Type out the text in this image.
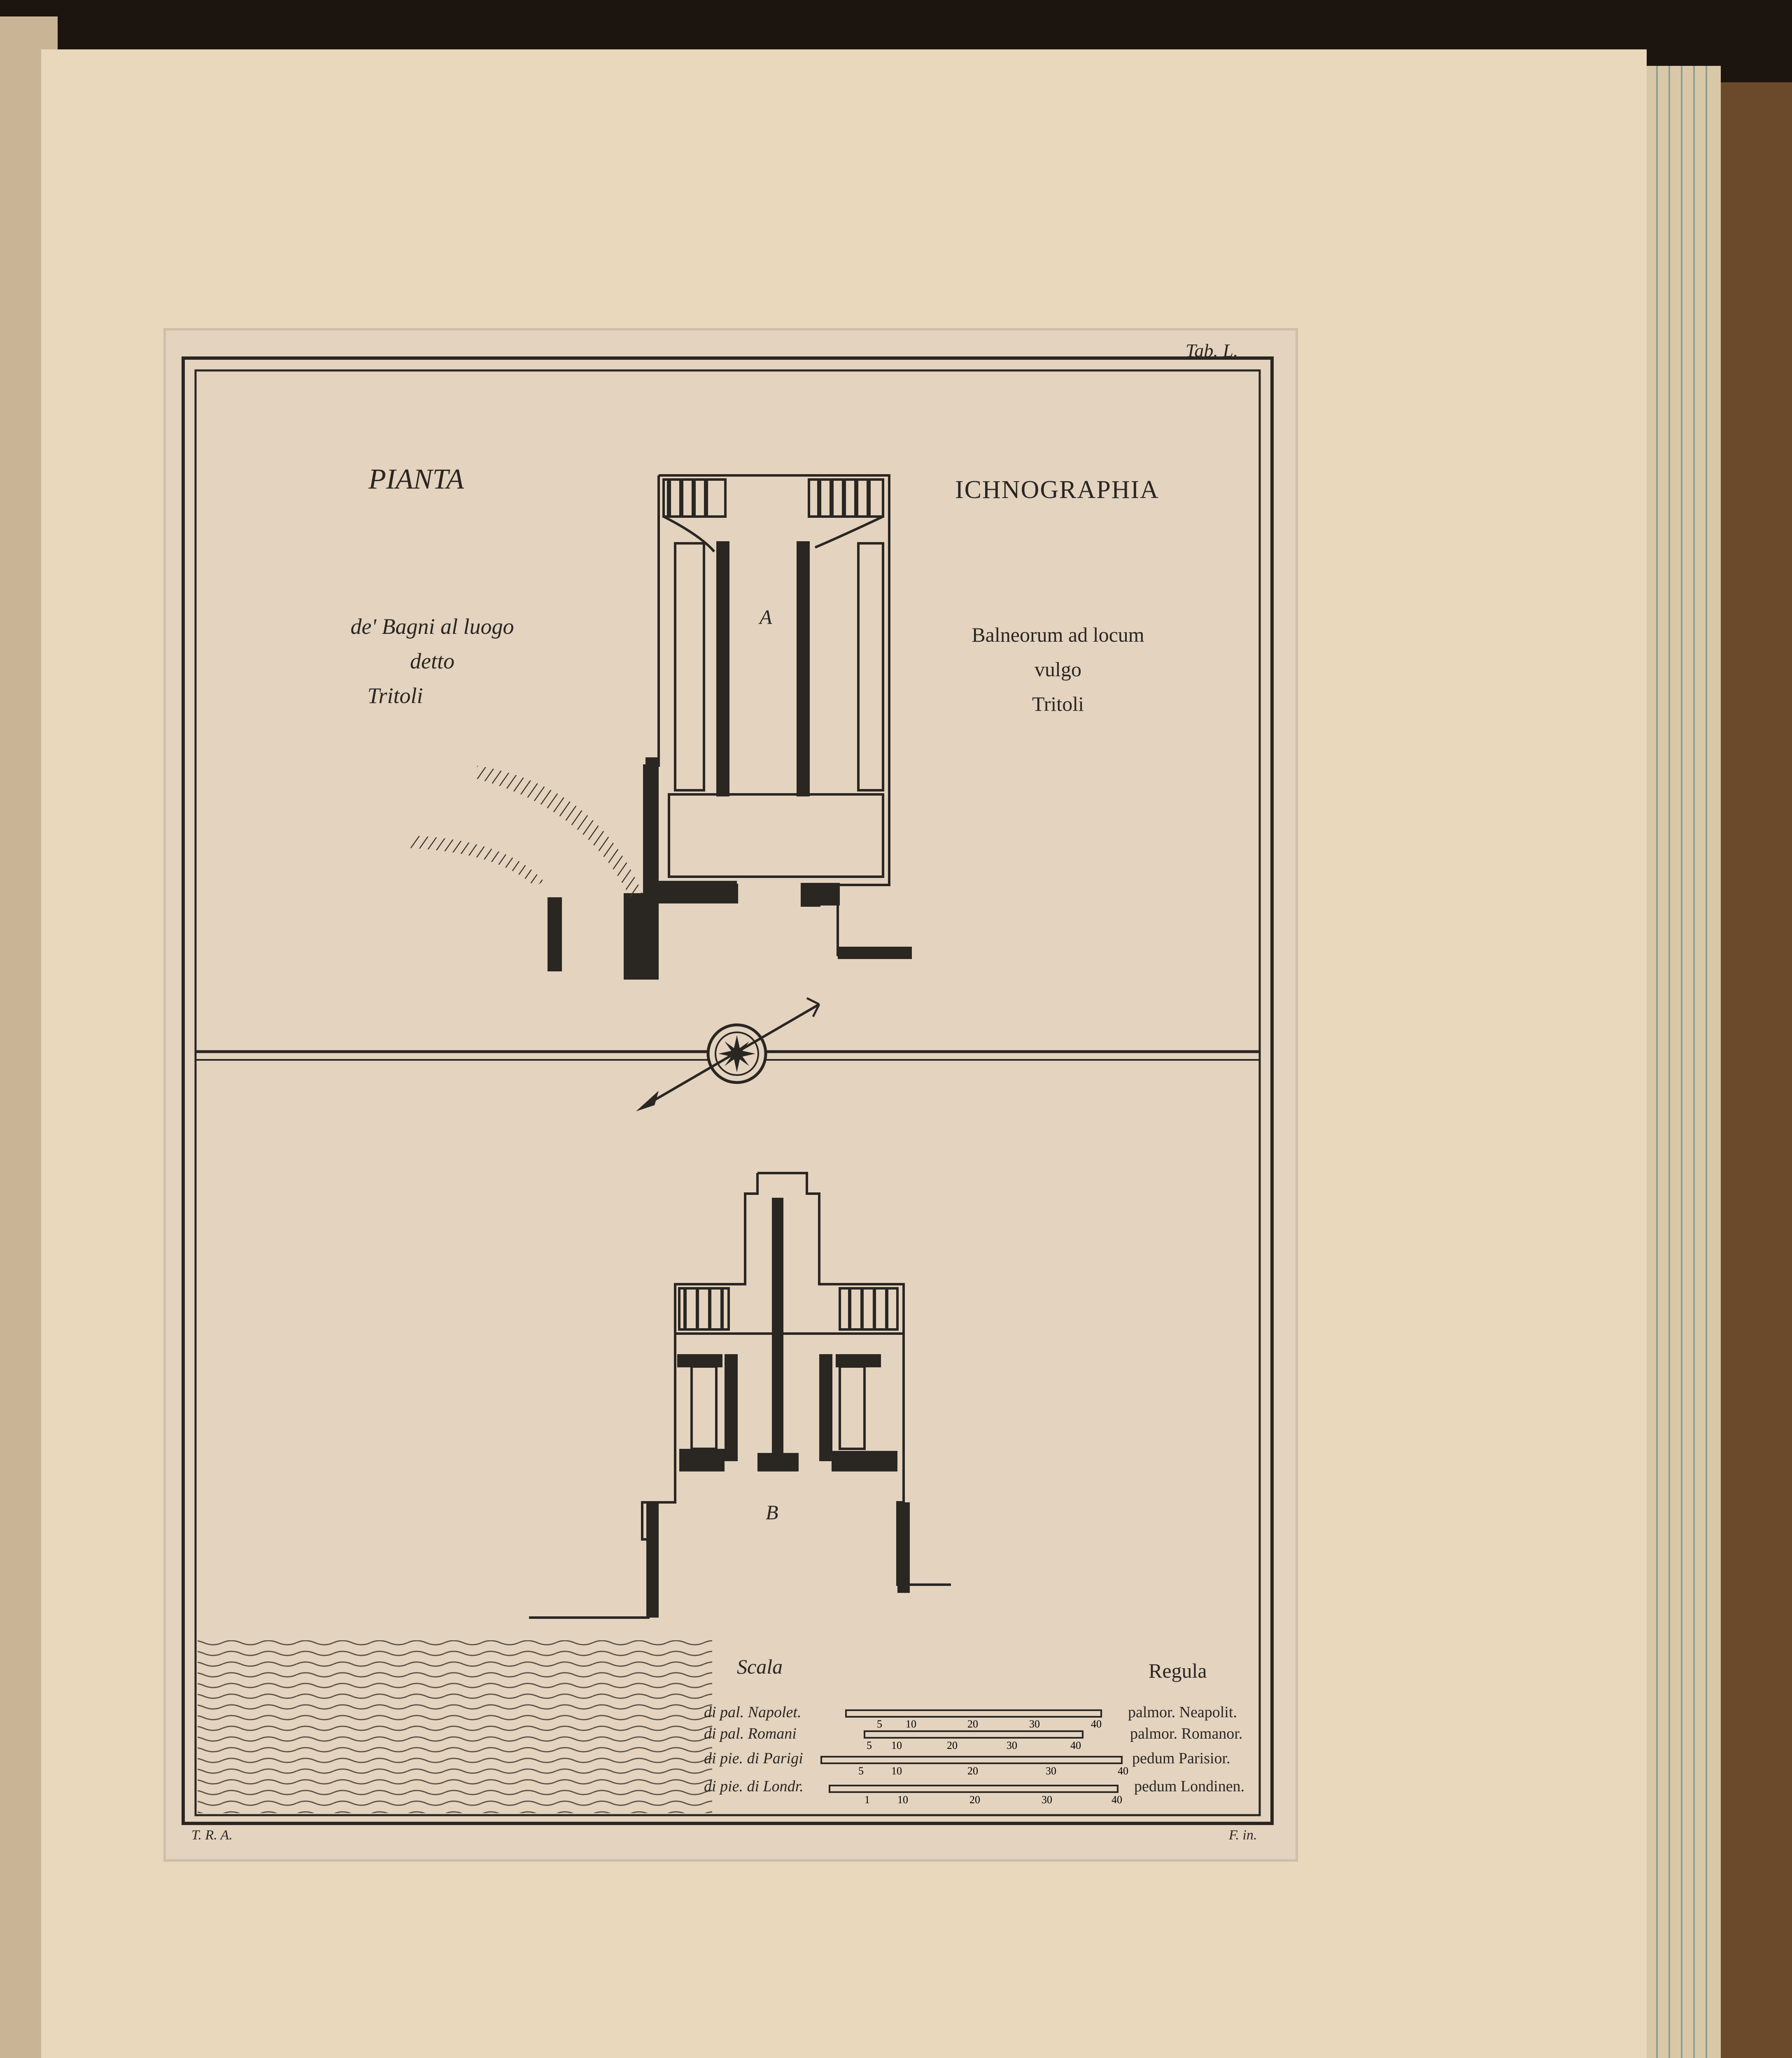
Tab. L.
PIANTA	ICHNOGRAPHIA
de' Bagni al luogo
detto
Tritoli
Balneorum ad locum
vulgo
Tritoli
A
B
Scala	Regula
di pal. Napolet.
5 10	20	30	40
palmor. Neapolit.
di pal. Romani
5 10	20	30	40
palmor. Romanor.
di pie. di Parigi
5	10	20	30	40
pedum Parisior.
di pie. di Londr.
1	10	20	30	40
pedum Londinen.
T. R. A.	F. in.
